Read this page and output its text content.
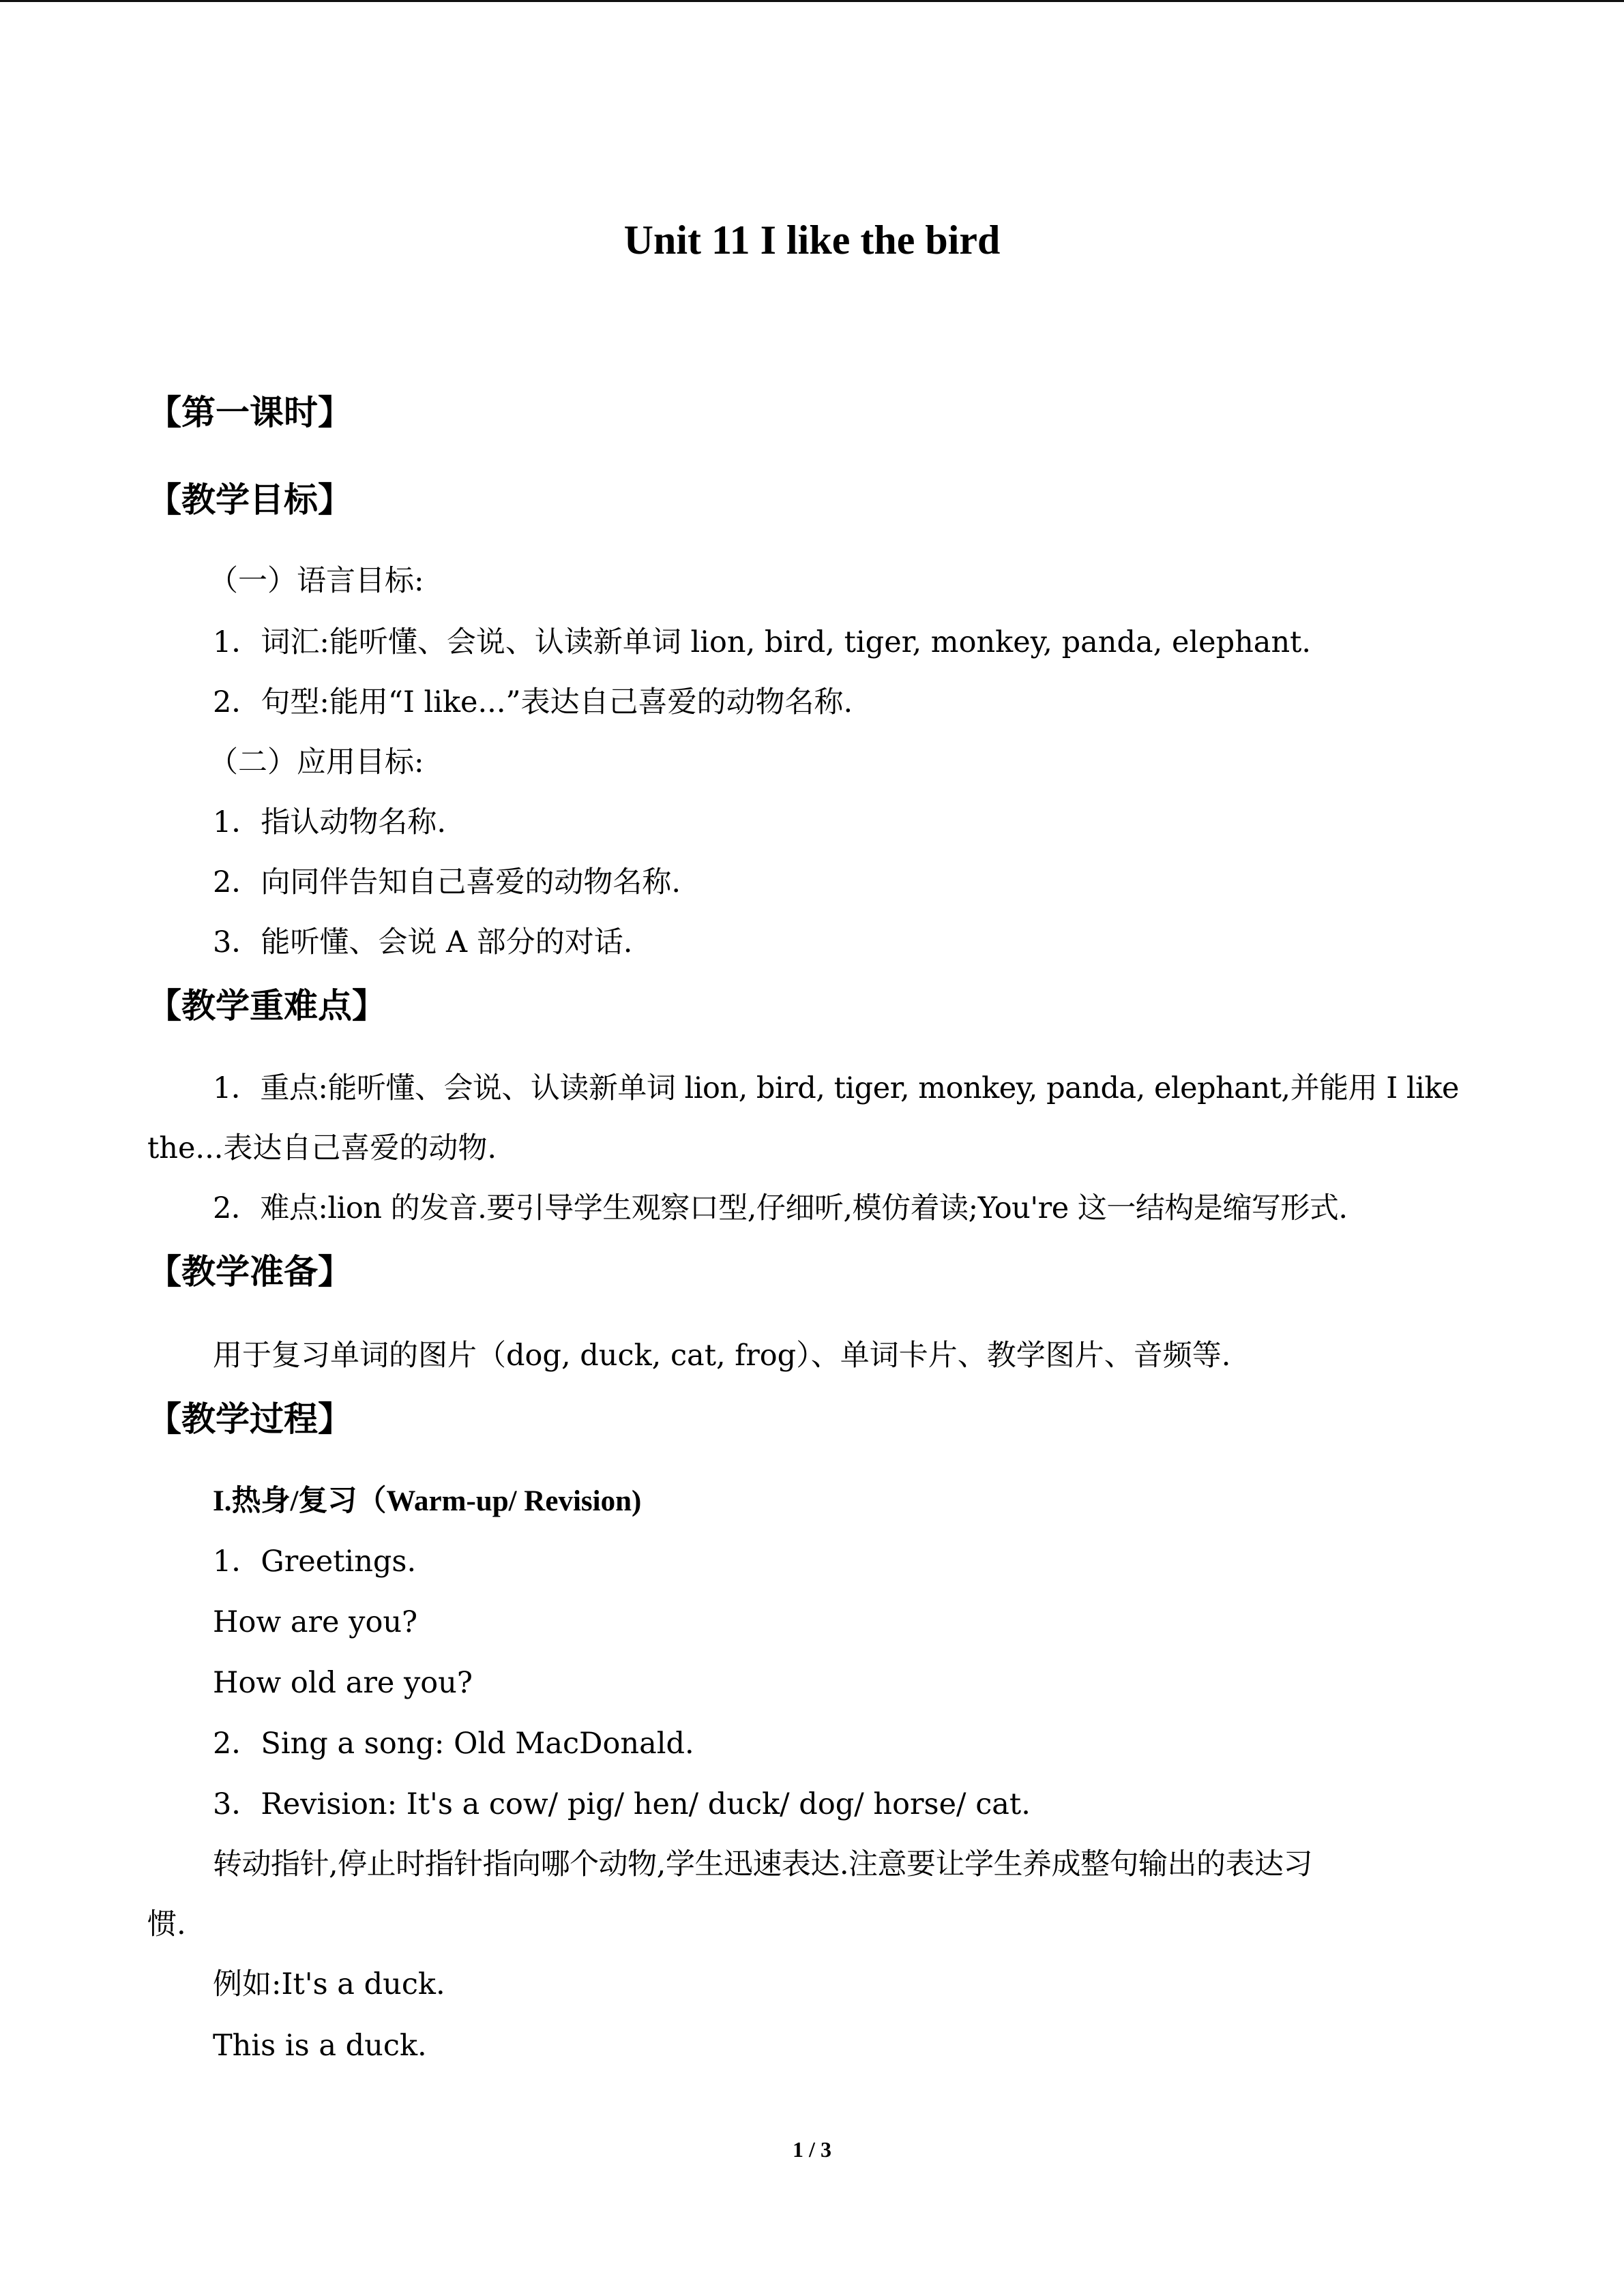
Unit 11 I like the bird
【第一课时】
【教学目标】
（一）语言目标:
1．词汇:能听懂、会说、认读新单词 lion, bird, tiger, monkey, panda, elephant.
2．句型:能用“I like...”表达自己喜爱的动物名称.
（二）应用目标:
1．指认动物名称.
2．向同伴告知自己喜爱的动物名称.
3．能听懂、会说 A 部分的对话.
【教学重难点】
1．重点:能听懂、会说、认读新单词 lion, bird, tiger, monkey, panda, elephant,并能用 I like
the...表达自己喜爱的动物.
2．难点:lion 的发音.要引导学生观察口型,仔细听,模仿着读;You're 这一结构是缩写形式.
【教学准备】
用于复习单词的图片（dog, duck, cat, frog）、单词卡片、教学图片、音频等.
【教学过程】
I.热身/复习（Warm-up/ Revision)
1．Greetings.
How are you?
How old are you?
2．Sing a song: Old MacDonald.
3．Revision: It's a cow/ pig/ hen/ duck/ dog/ horse/ cat.
转动指针,停止时指针指向哪个动物,学生迅速表达.注意要让学生养成整句输出的表达习
惯.
例如:It's a duck.
This is a duck.
1 / 3
